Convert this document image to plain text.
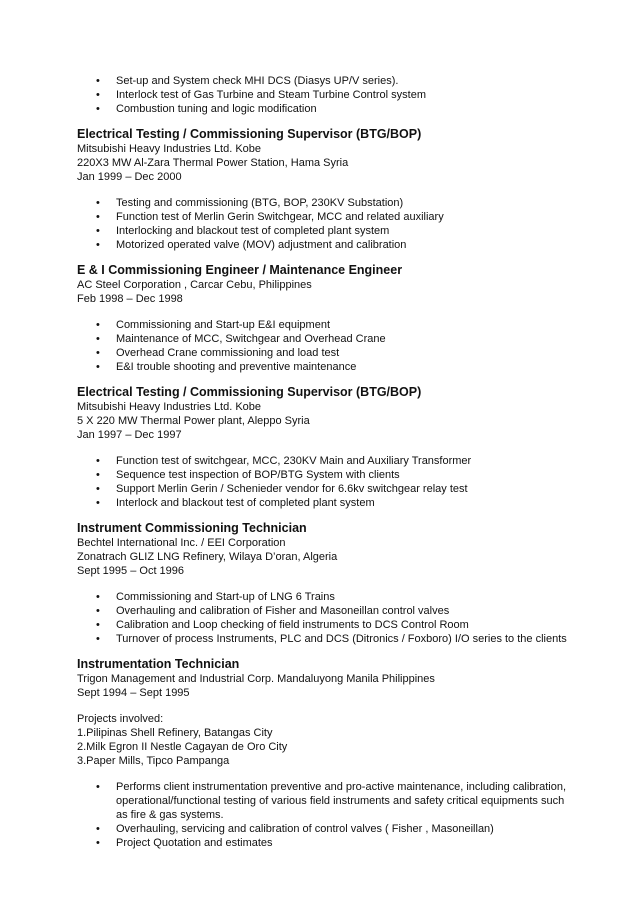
• Set-up and System check MHI DCS (Diasys UP/V series).
• Interlock test of Gas Turbine and Steam Turbine Control system
• Combustion tuning and logic modification
Electrical Testing / Commissioning Supervisor (BTG/BOP)
Mitsubishi Heavy Industries Ltd. Kobe
220X3 MW Al-Zara Thermal Power Station, Hama Syria
Jan 1999 – Dec 2000
• Testing and commissioning (BTG, BOP, 230KV Substation)
• Function test of Merlin Gerin Switchgear, MCC and related auxiliary
• Interlocking and blackout test of completed plant system
• Motorized operated valve (MOV) adjustment and calibration
E & I Commissioning Engineer / Maintenance Engineer
AC Steel Corporation , Carcar Cebu, Philippines
Feb 1998 – Dec 1998
• Commissioning and Start-up E&I equipment
• Maintenance of MCC, Switchgear and Overhead Crane
• Overhead Crane commissioning and load test
• E&I trouble shooting and preventive maintenance
Electrical Testing / Commissioning Supervisor (BTG/BOP)
Mitsubishi Heavy Industries Ltd. Kobe
5 X 220 MW Thermal Power plant, Aleppo Syria
Jan 1997 – Dec 1997
• Function test of switchgear, MCC, 230KV Main and Auxiliary Transformer
• Sequence test inspection of BOP/BTG System with clients
• Support Merlin Gerin / Schenieder vendor for 6.6kv switchgear relay test
• Interlock and blackout test of completed plant system
Instrument Commissioning Technician
Bechtel International Inc. / EEI Corporation
Zonatrach GLIZ LNG Refinery, Wilaya D’oran, Algeria
Sept 1995 – Oct 1996
• Commissioning and Start-up of LNG 6 Trains
• Overhauling and calibration of Fisher and Masoneillan control valves
• Calibration and Loop checking of field instruments to DCS Control Room
• Turnover of process Instruments, PLC and DCS (Ditronics / Foxboro) I/O series to the clients
Instrumentation Technician
Trigon Management and Industrial Corp. Mandaluyong Manila Philippines
Sept 1994 – Sept 1995
Projects involved:
1.Pilipinas Shell Refinery, Batangas City
2.Milk Egron II Nestle Cagayan de Oro City
3.Paper Mills, Tipco Pampanga
• Performs client instrumentation preventive and pro-active maintenance, including calibration, operational/functional testing of various field instruments and safety critical equipments such as fire & gas systems.
• Overhauling, servicing and calibration of control valves ( Fisher , Masoneillan)
• Project Quotation and estimates
